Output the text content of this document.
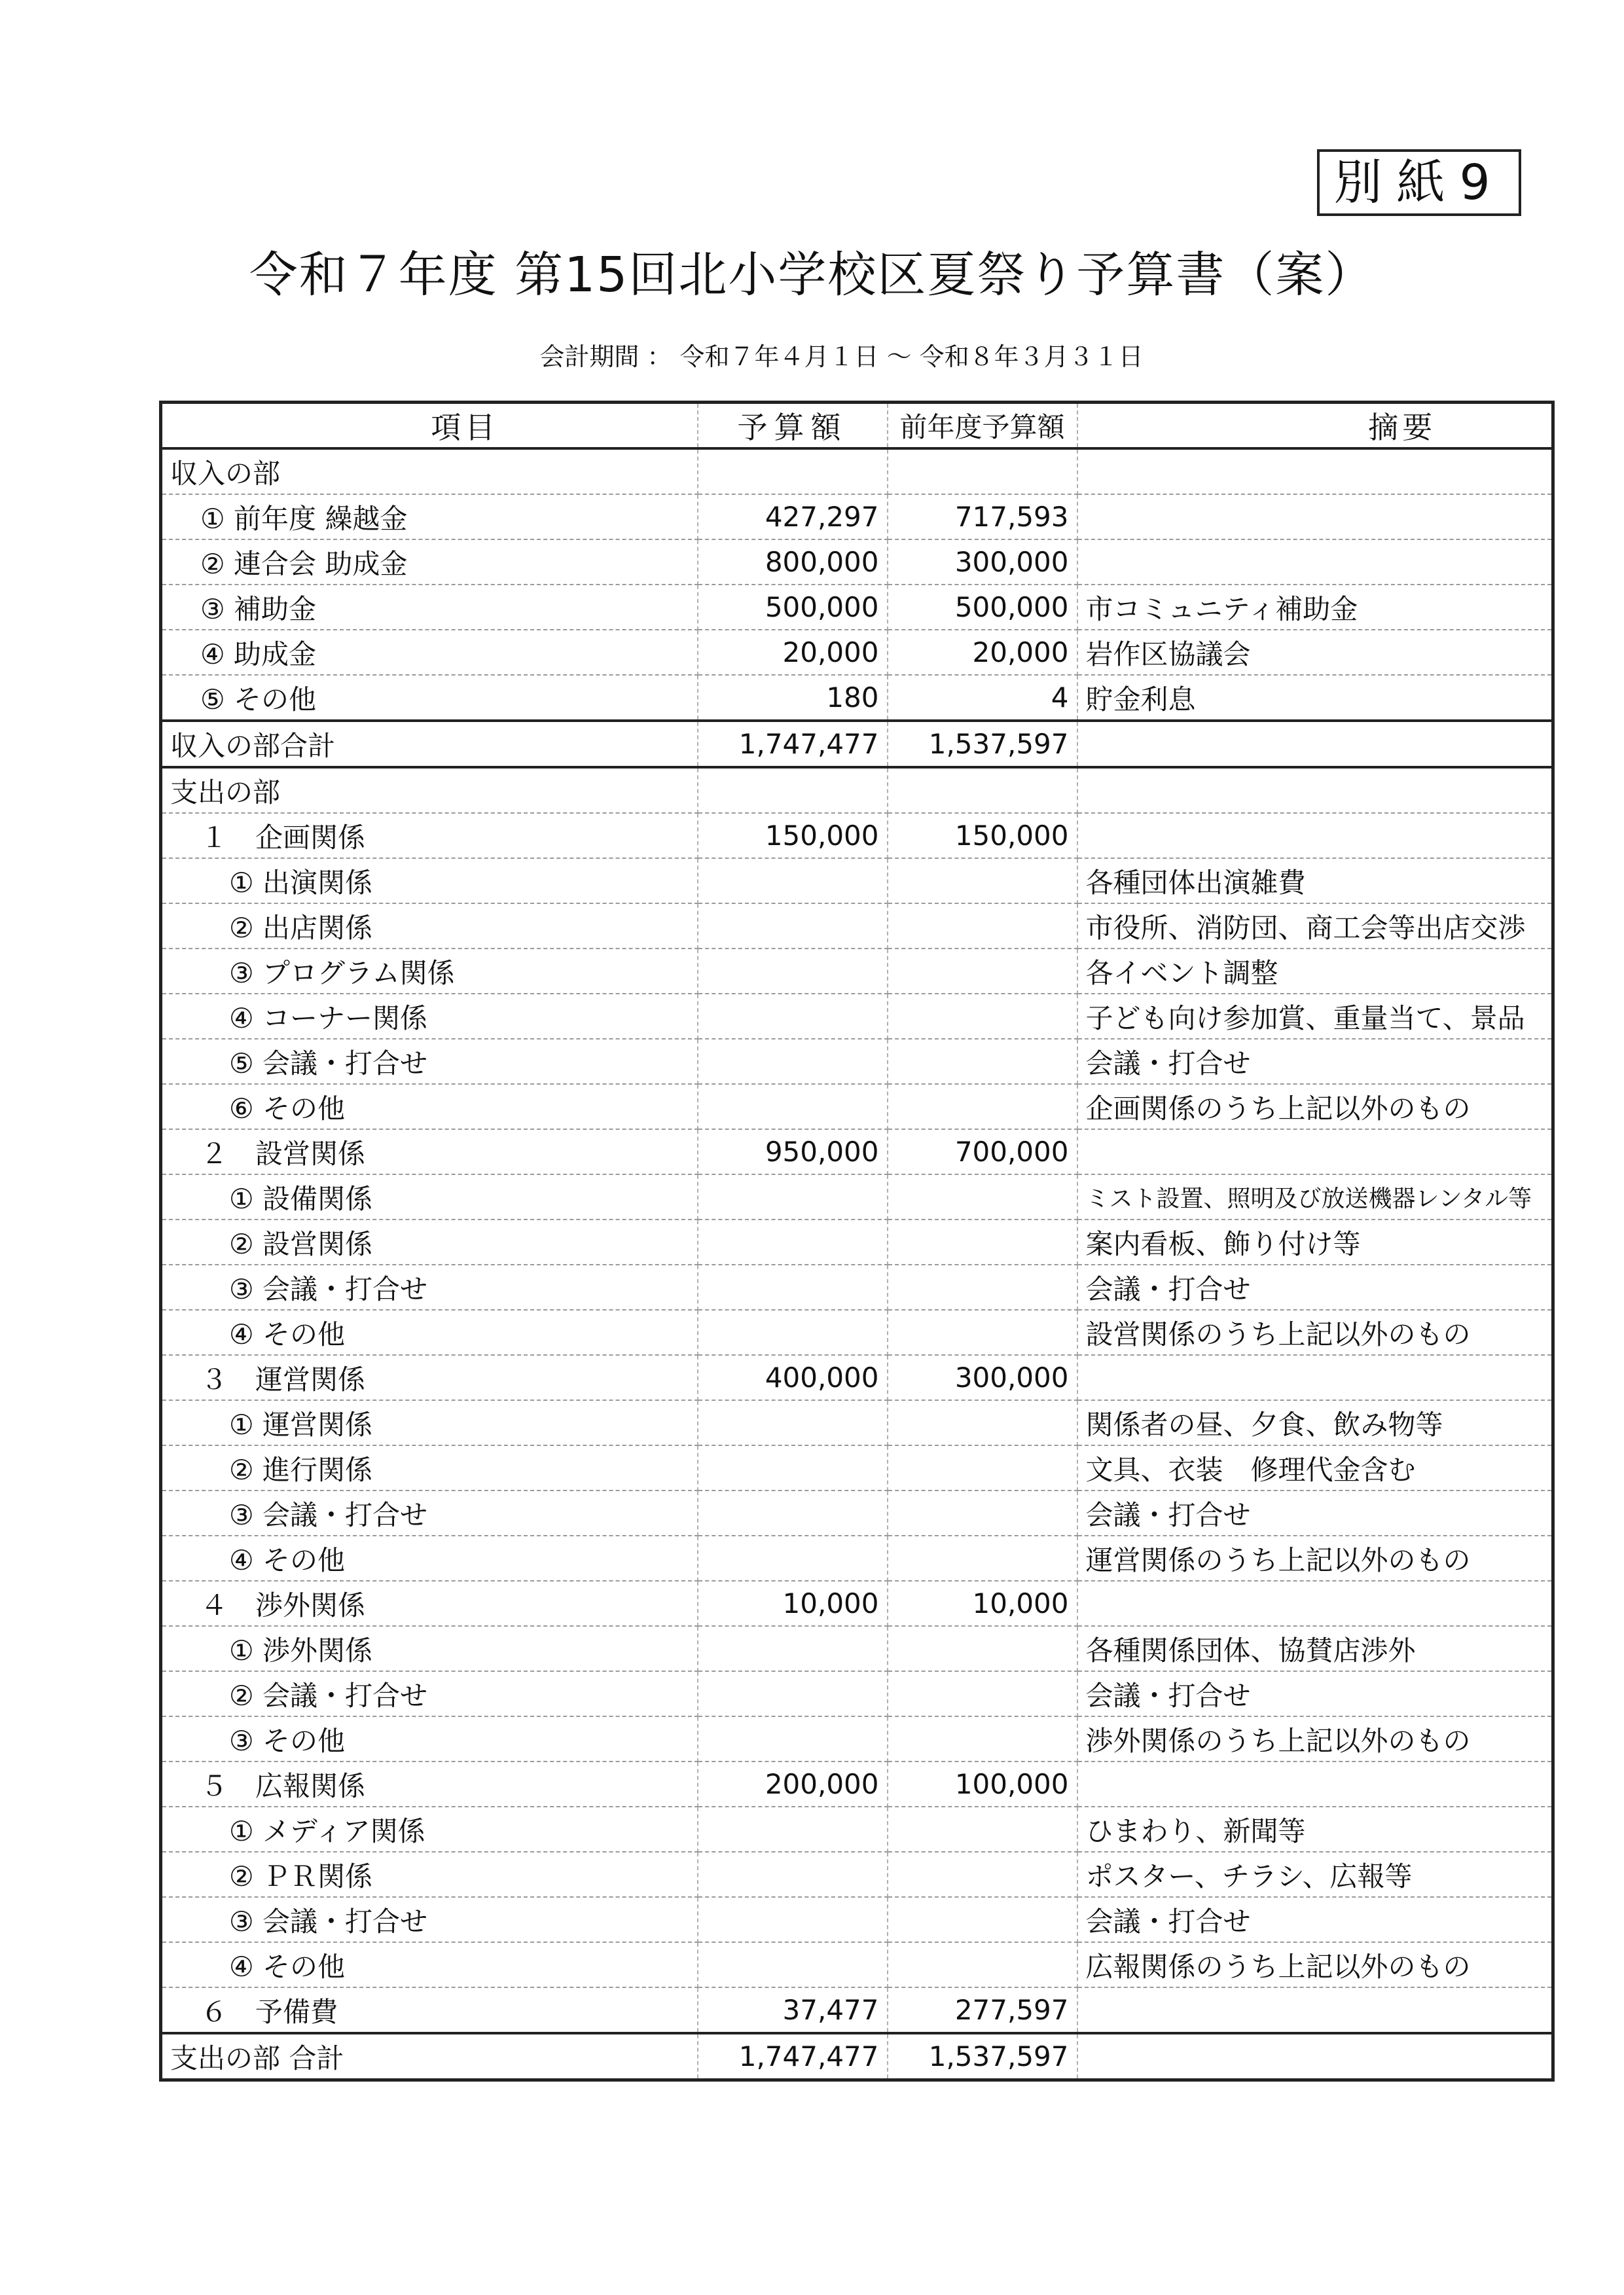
別紙9
令和７年度 第15回北小学校区夏祭り予算書（案）
会計期間 ： 令和７年４月１日 ～ 令和８年３月３１日
項目	予算額	前年度予算額	摘要
収入の部			
① 前年度 繰越金	427,297	717,593	
② 連合会 助成金	800,000	300,000	
③ 補助金	500,000	500,000	市コミュニティ補助金
④ 助成金	20,000	20,000	岩作区協議会
⑤ その他	180	4	貯金利息
収入の部合計	1,747,477	1,537,597	
支出の部			
１　企画関係	150,000	150,000	
① 出演関係			各種団体出演雑費
② 出店関係			市役所、消防団、商工会等出店交渉
③ プログラム関係			各イベント調整
④ コーナー関係			子ども向け参加賞、重量当て、景品
⑤ 会議・打合せ			会議・打合せ
⑥ その他			企画関係のうち上記以外のもの
２　設営関係	950,000	700,000	
① 設備関係			ミスト設置、照明及び放送機器レンタル等
② 設営関係			案内看板、飾り付け等
③ 会議・打合せ			会議・打合せ
④ その他			設営関係のうち上記以外のもの
３　運営関係	400,000	300,000	
① 運営関係			関係者の昼、夕食、飲み物等
② 進行関係			文具、衣装　修理代金含む
③ 会議・打合せ			会議・打合せ
④ その他			運営関係のうち上記以外のもの
４　渉外関係	10,000	10,000	
① 渉外関係			各種関係団体、協賛店渉外
② 会議・打合せ			会議・打合せ
③ その他			渉外関係のうち上記以外のもの
５　広報関係	200,000	100,000	
① メディア関係			ひまわり、新聞等
② ＰＲ関係			ポスター、チラシ、広報等
③ 会議・打合せ			会議・打合せ
④ その他			広報関係のうち上記以外のもの
６　予備費	37,477	277,597	
支出の部 合計	1,747,477	1,537,597	
